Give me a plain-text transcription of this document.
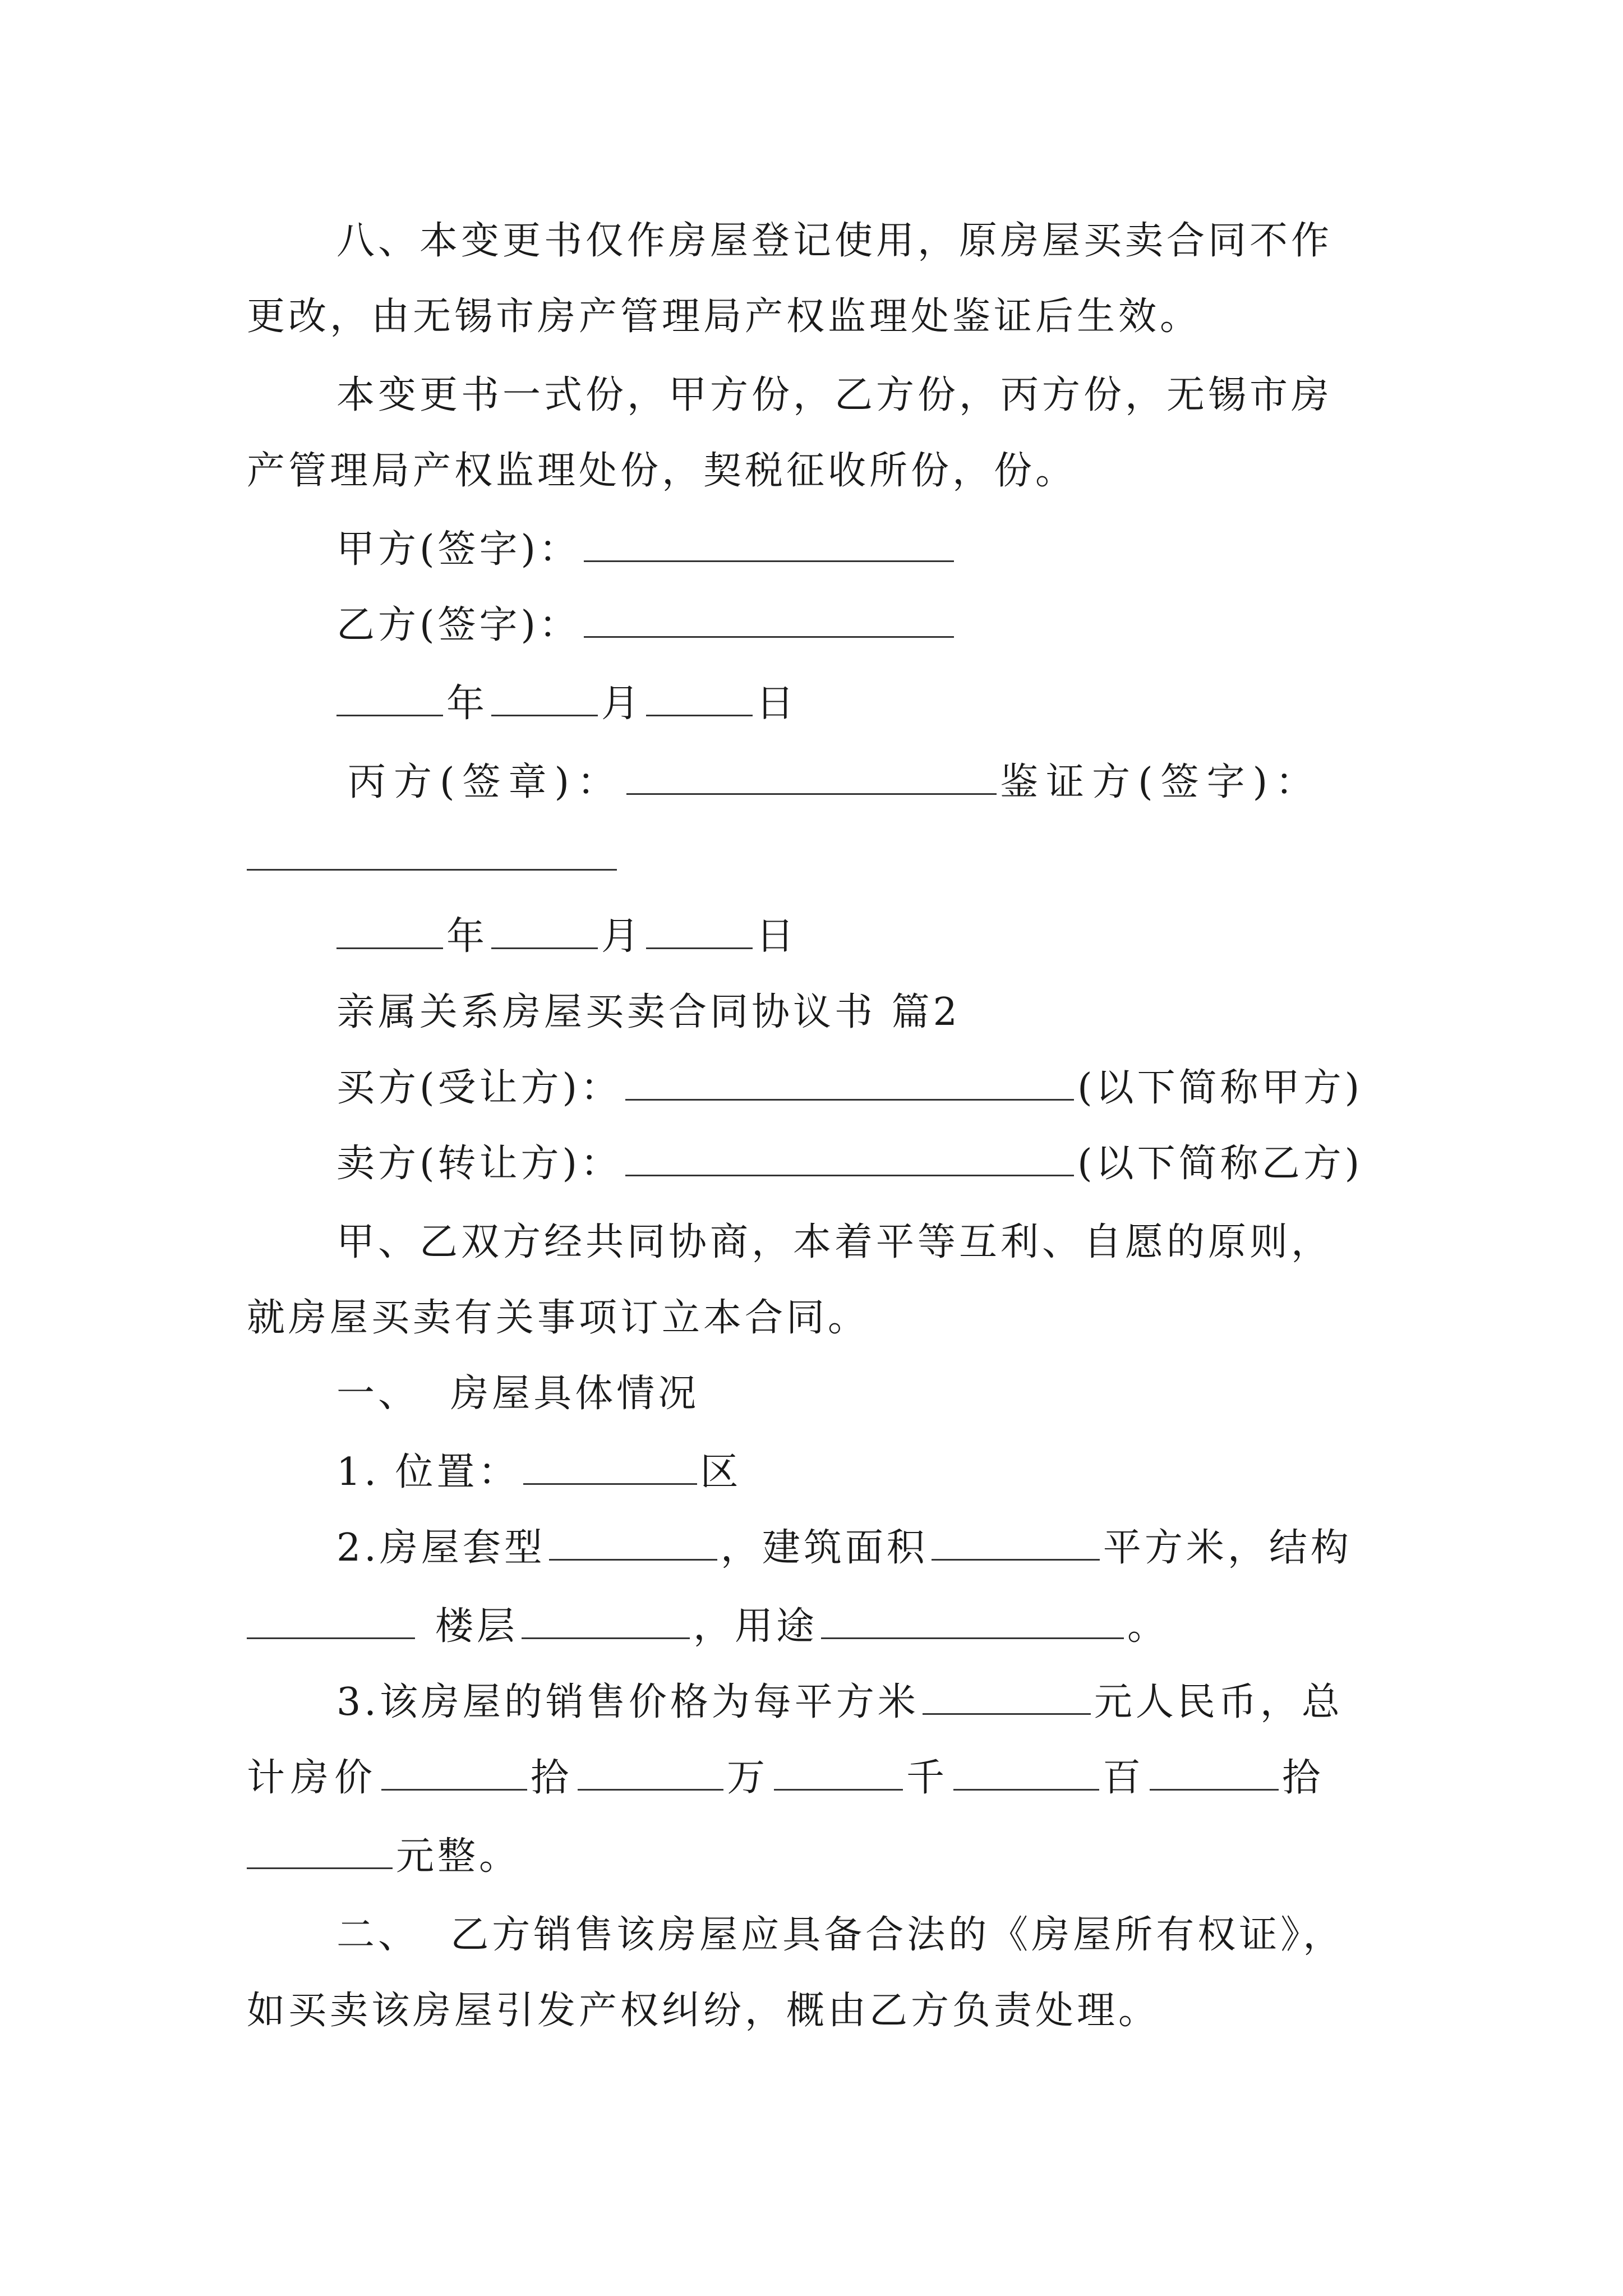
八、本变更书仅作房屋登记使用，原房屋买卖合同不作
更改，由无锡市房产管理局产权监理处鉴证后生效。
本变更书一式份，甲方份，乙方份，丙方份，无锡市房
产管理局产权监理处份，契税征收所份，份。
甲方(签字)：
乙方(签字)：
年	月	日
丙方(签章)：	鉴证方(签字)：
年	月	日
亲属关系房屋买卖合同协议书 篇2
买方(受让方)：	(以下简称甲方)
卖方(转让方)：	(以下简称乙方)
甲、乙双方经共同协商，本着平等互利、自愿的原则，
就房屋买卖有关事项订立本合同。
一、  房屋具体情况
1. 位置：	区
2.房屋套型	，建筑面积	平方米，结构
楼层	，用途	。
3.该房屋的销售价格为每平方米	元人民币，总
计房价	拾	万	千	百	拾
元整。
二、  乙方销售该房屋应具备合法的《房屋所有权证》，
如买卖该房屋引发产权纠纷，概由乙方负责处理。
